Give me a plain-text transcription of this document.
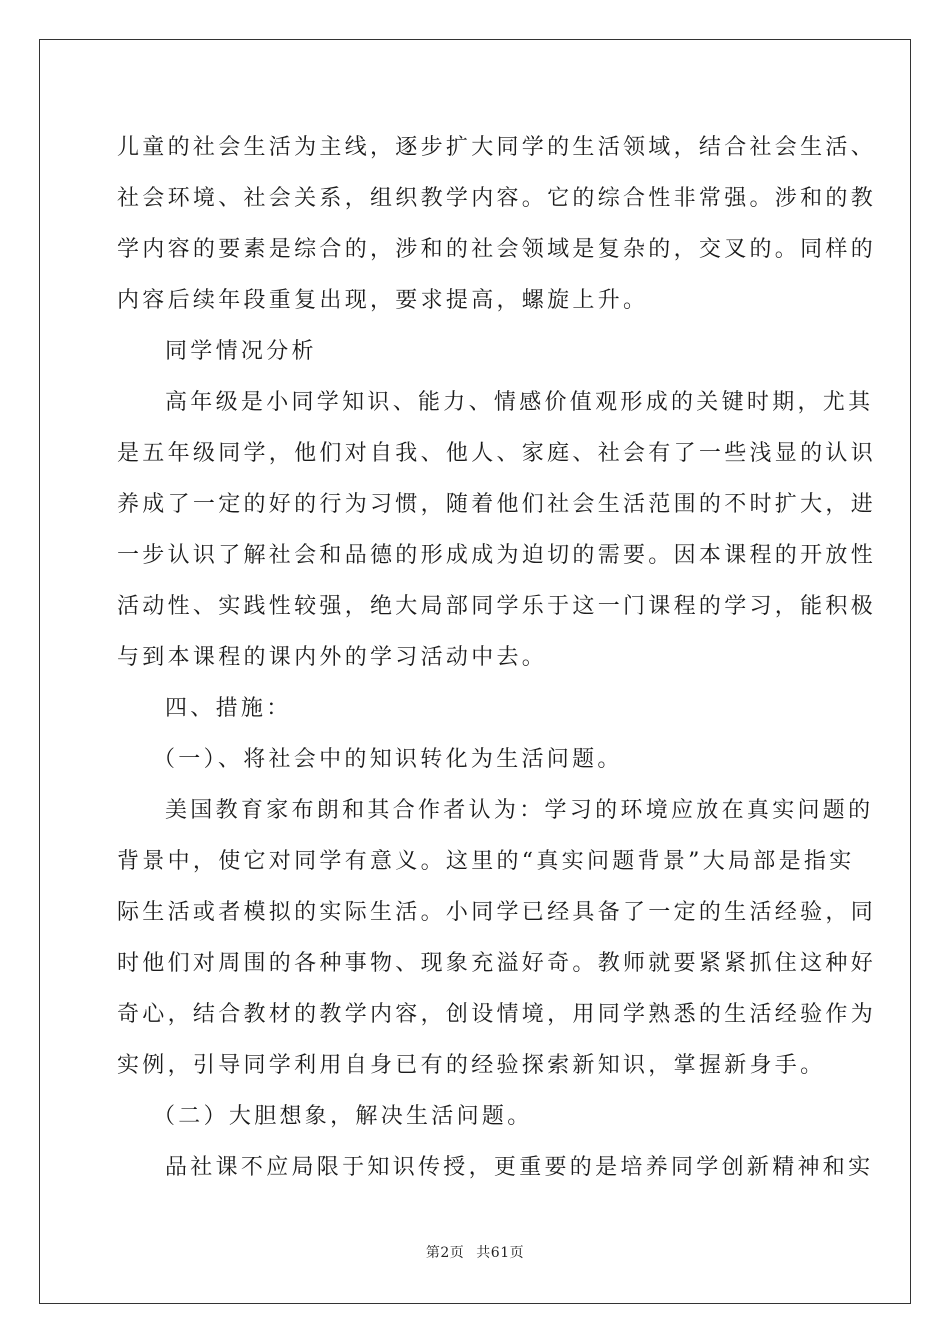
儿童的社会生活为主线，逐步扩大同学的生活领域，结合社会生活、
社会环境、社会关系，组织教学内容。它的综合性非常强。涉和的教
学内容的要素是综合的，涉和的社会领域是复杂的，交叉的。同样的
内容后续年段重复出现，要求提高，螺旋上升。
同学情况分析
高年级是小同学知识、能力、情感价值观形成的关键时期，尤其
是五年级同学，他们对自我、他人、家庭、社会有了一些浅显的认识
养成了一定的好的行为习惯，随着他们社会生活范围的不时扩大，进
一步认识了解社会和品德的形成成为迫切的需要。因本课程的开放性
活动性、实践性较强，绝大局部同学乐于这一门课程的学习，能积极
与到本课程的课内外的学习活动中去。
四、措施：
（一）、将社会中的知识转化为生活问题。
美国教育家布朗和其合作者认为：学习的环境应放在真实问题的
背景中，使它对同学有意义。这里的“真实问题背景”大局部是指实
际生活或者模拟的实际生活。小同学已经具备了一定的生活经验，同
时他们对周围的各种事物、现象充溢好奇。教师就要紧紧抓住这种好
奇心，结合教材的教学内容，创设情境，用同学熟悉的生活经验作为
实例，引导同学利用自身已有的经验探索新知识，掌握新身手。
（二）大胆想象，解决生活问题。
品社课不应局限于知识传授，更重要的是培养同学创新精神和实
第2页 共61页
